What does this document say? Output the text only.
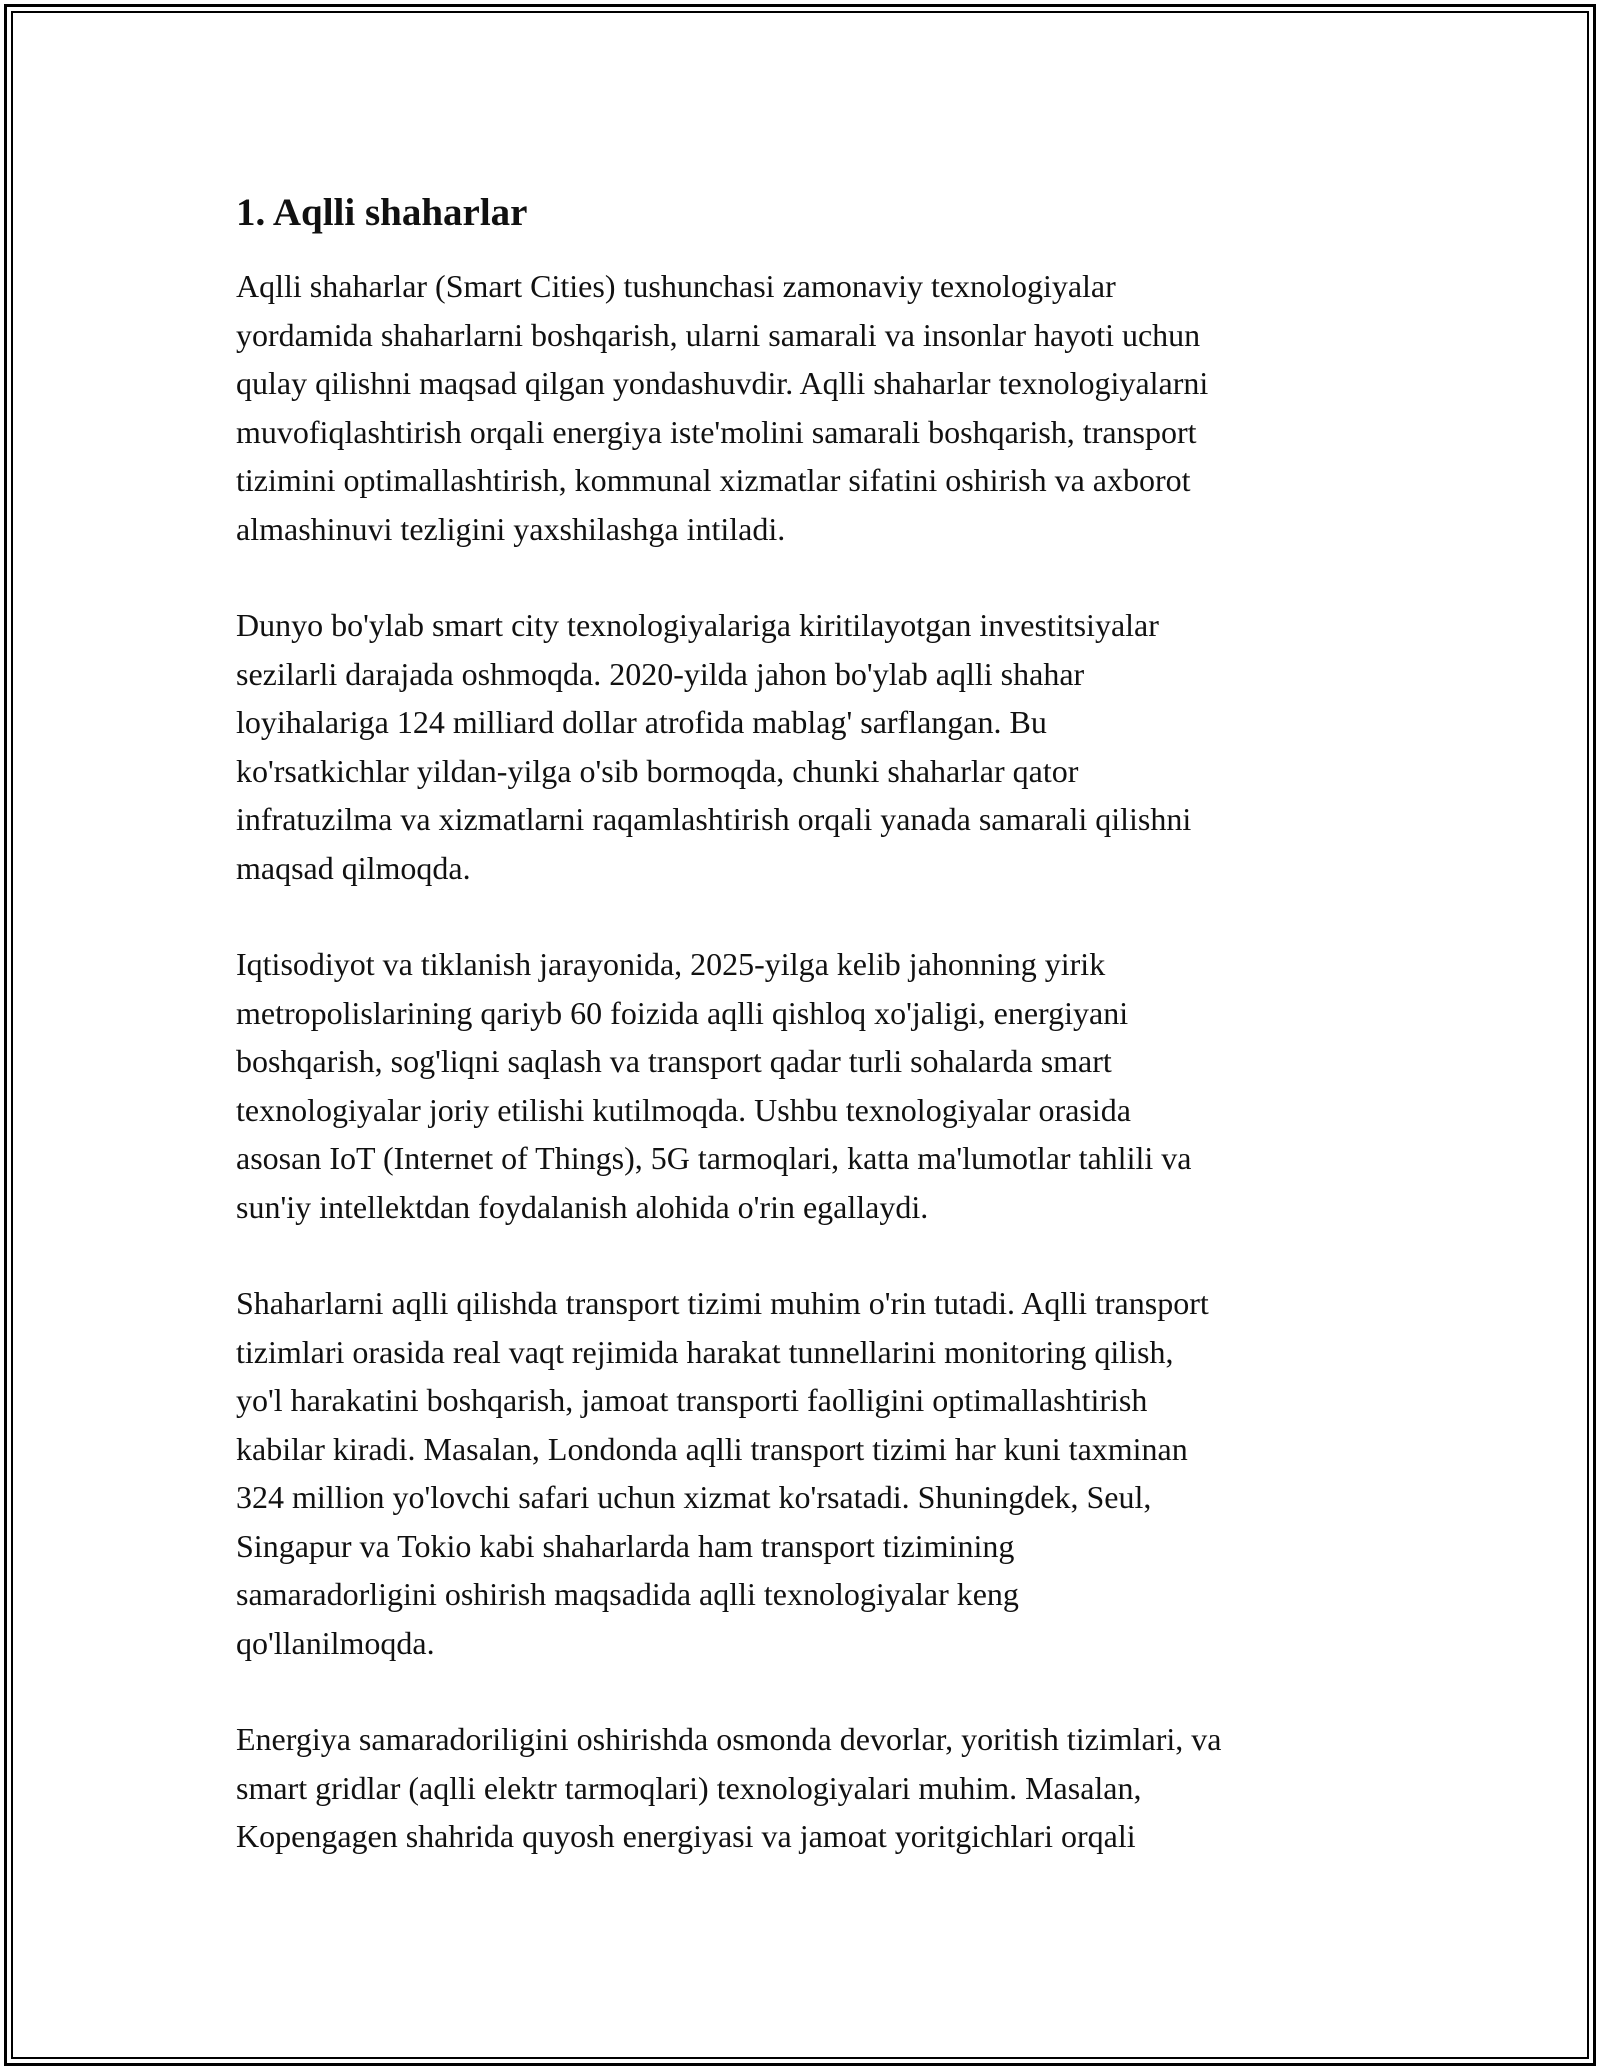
1. Aqlli shaharlar

Aqlli shaharlar (Smart Cities) tushunchasi zamonaviy texnologiyalar
yordamida shaharlarni boshqarish, ularni samarali va insonlar hayoti uchun
qulay qilishni maqsad qilgan yondashuvdir. Aqlli shaharlar texnologiyalarni
muvofiqlashtirish orqali energiya iste'molini samarali boshqarish, transport
tizimini optimallashtirish, kommunal xizmatlar sifatini oshirish va axborot
almashinuvi tezligini yaxshilashga intiladi.

Dunyo bo'ylab smart city texnologiyalariga kiritilayotgan investitsiyalar
sezilarli darajada oshmoqda. 2020-yilda jahon bo'ylab aqlli shahar
loyihalariga 124 milliard dollar atrofida mablag' sarflangan. Bu
ko'rsatkichlar yildan-yilga o'sib bormoqda, chunki shaharlar qator
infratuzilma va xizmatlarni raqamlashtirish orqali yanada samarali qilishni
maqsad qilmoqda.

Iqtisodiyot va tiklanish jarayonida, 2025-yilga kelib jahonning yirik
metropolislarining qariyb 60 foizida aqlli qishloq xo'jaligi, energiyani
boshqarish, sog'liqni saqlash va transport qadar turli sohalarda smart
texnologiyalar joriy etilishi kutilmoqda. Ushbu texnologiyalar orasida
asosan IoT (Internet of Things), 5G tarmoqlari, katta ma'lumotlar tahlili va
sun'iy intellektdan foydalanish alohida o'rin egallaydi.

Shaharlarni aqlli qilishda transport tizimi muhim o'rin tutadi. Aqlli transport
tizimlari orasida real vaqt rejimida harakat tunnellarini monitoring qilish,
yo'l harakatini boshqarish, jamoat transporti faolligini optimallashtirish
kabilar kiradi. Masalan, Londonda aqlli transport tizimi har kuni taxminan
324 million yo'lovchi safari uchun xizmat ko'rsatadi. Shuningdek, Seul,
Singapur va Tokio kabi shaharlarda ham transport tizimining
samaradorligini oshirish maqsadida aqlli texnologiyalar keng
qo'llanilmoqda.

Energiya samaradoriligini oshirishda osmonda devorlar, yoritish tizimlari, va
smart gridlar (aqlli elektr tarmoqlari) texnologiyalari muhim. Masalan,
Kopengagen shahrida quyosh energiyasi va jamoat yoritgichlari orqali
